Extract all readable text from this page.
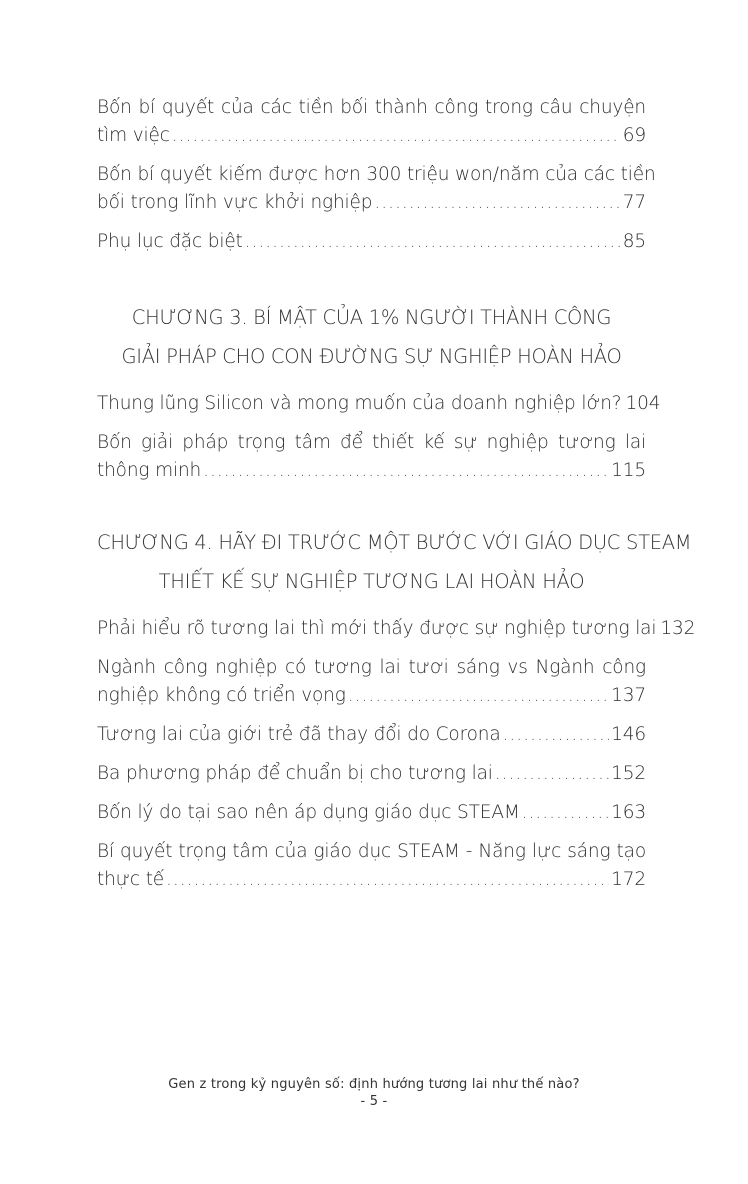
Bốn bí quyết của các tiền bối thành công trong câu chuyện
tìm việc .....	69
Bốn bí quyết kiếm được hơn 300 triệu won/năm của các tiền
bối trong lĩnh vực khởi nghiệp .....	77
Phụ lục đặc biệt .....	85
CHƯƠNG 3. BÍ MẬT CỦA 1% NGƯỜI THÀNH CÔNG
GIẢI PHÁP CHO CON ĐƯỜNG SỰ NGHIỆP HOÀN HẢO
Thung lũng Silicon và mong muốn của doanh nghiệp lớn? 104
Bốn giải pháp trọng tâm để thiết kế sự nghiệp tương lai
thông minh .....	115
CHƯƠNG 4. HÃY ĐI TRƯỚC MỘT BƯỚC VỚI GIÁO DỤC STEAM
THIẾT KẾ SỰ NGHIỆP TƯƠNG LAI HOÀN HẢO
Phải hiểu rõ tương lai thì mới thấy được sự nghiệp tương lai 132
Ngành công nghiệp có tương lai tươi sáng vs Ngành công
nghiệp không có triển vọng .....	137
Tương lai của giới trẻ đã thay đổi do Corona .....	146
Ba phương pháp để chuẩn bị cho tương lai .....	152
Bốn lý do tại sao nên áp dụng giáo dục STEAM .....	163
Bí quyết trọng tâm của giáo dục STEAM - Năng lực sáng tạo
thực tế .....	172
Gen z trong kỷ nguyên số: định hướng tương lai như thế nào?
- 5 -
